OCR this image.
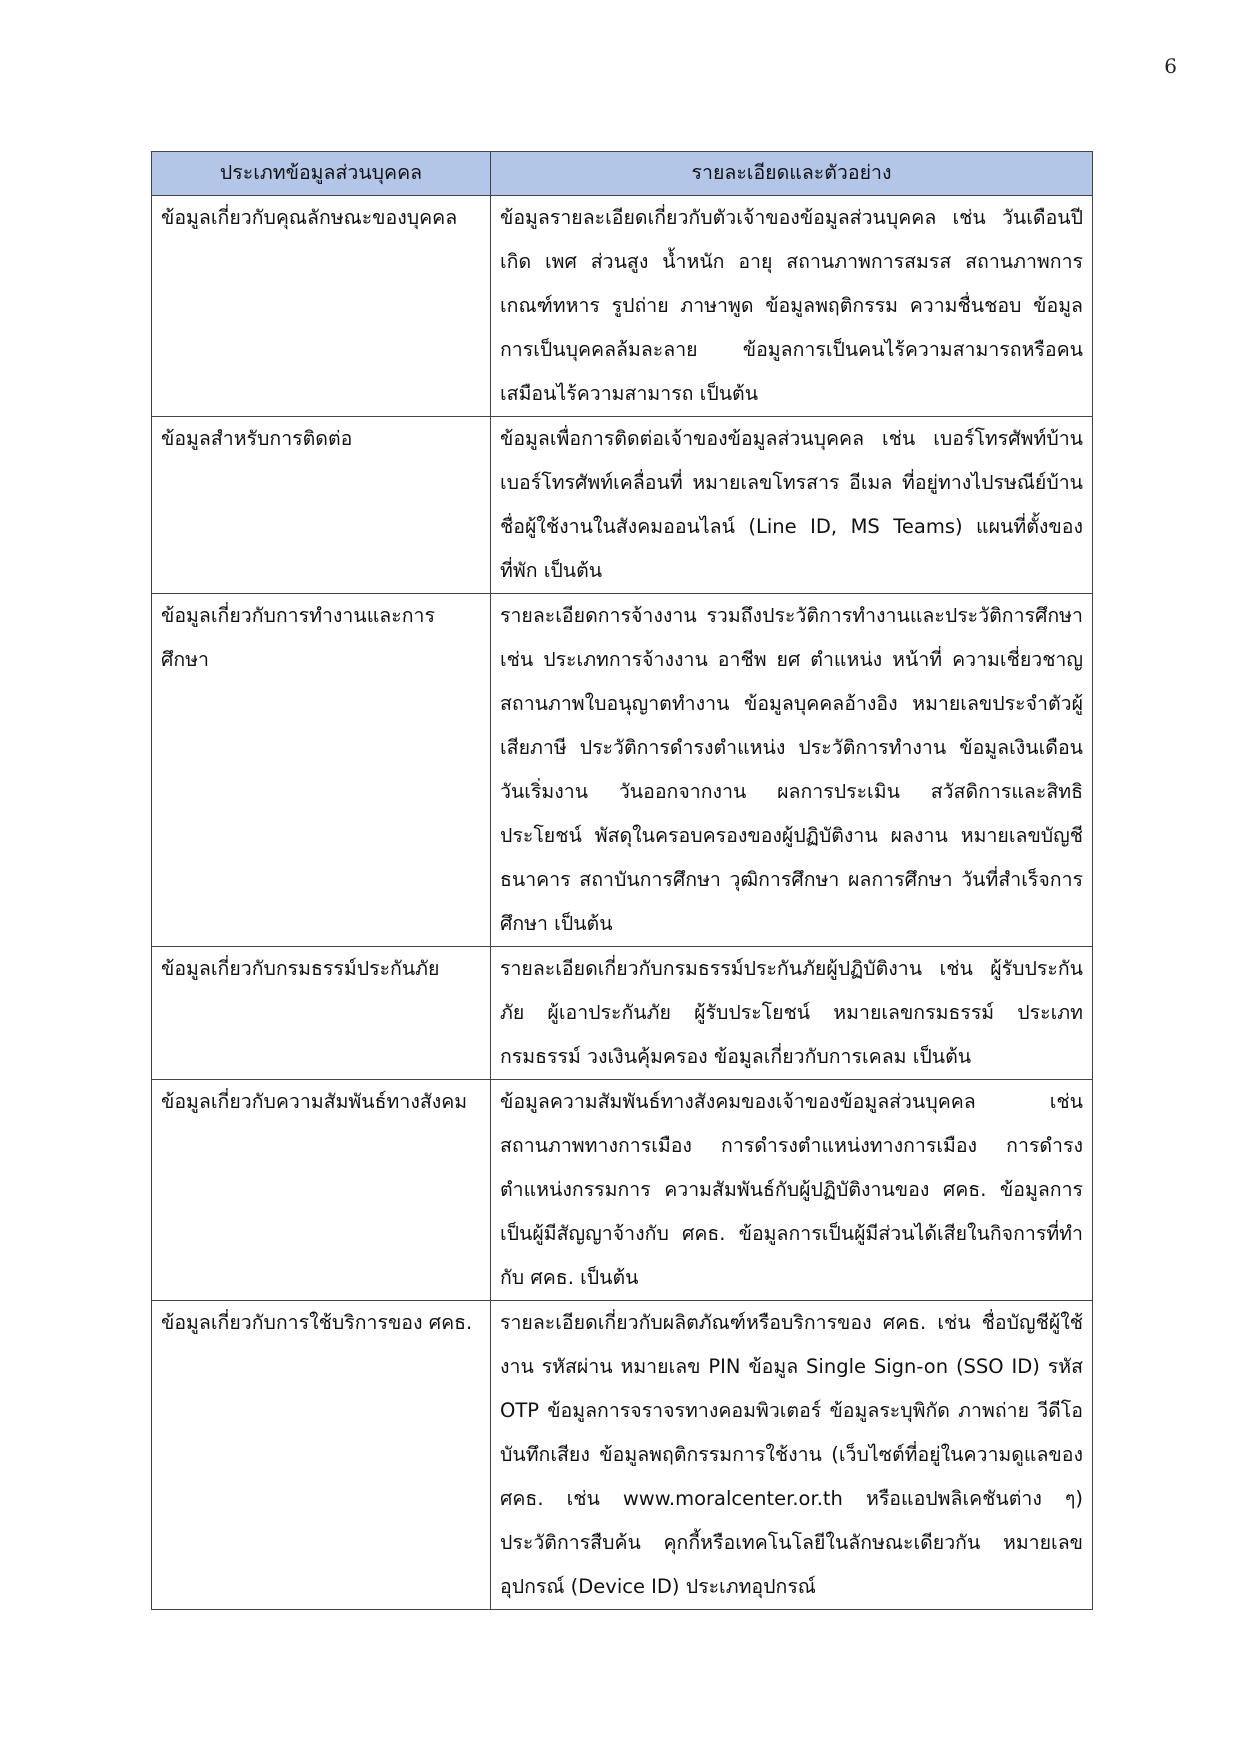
6
ประเภทข้อมูลส่วนบุคคล	รายละเอียดและตัวอย่าง
ข้อมูลเกี่ยวกับคุณลักษณะของบุคคล	ข้อมูลรายละเอียดเกี่ยวกับตัวเจ้าของข้อมูลส่วนบุคคล เช่น วันเดือนปีเกิด เพศ ส่วนสูง น้ำหนัก อายุ สถานภาพการสมรส สถานภาพการเกณฑ์ทหาร รูปถ่าย ภาษาพูด ข้อมูลพฤติกรรม ความชื่นชอบ ข้อมูลการเป็นบุคคลล้มละลาย ข้อมูลการเป็นคนไร้ความสามารถหรือคนเสมือนไร้ความสามารถ เป็นต้น
ข้อมูลสำหรับการติดต่อ	ข้อมูลเพื่อการติดต่อเจ้าของข้อมูลส่วนบุคคล เช่น เบอร์โทรศัพท์บ้าน เบอร์โทรศัพท์เคลื่อนที่ หมายเลขโทรสาร อีเมล ที่อยู่ทางไปรษณีย์บ้าน ชื่อผู้ใช้งานในสังคมออนไลน์ (Line ID, MS Teams) แผนที่ตั้งของที่พัก เป็นต้น
ข้อมูลเกี่ยวกับการทำงานและการศึกษา	รายละเอียดการจ้างงาน รวมถึงประวัติการทำงานและประวัติการศึกษา เช่น ประเภทการจ้างงาน อาชีพ ยศ ตำแหน่ง หน้าที่ ความเชี่ยวชาญ สถานภาพใบอนุญาตทำงาน ข้อมูลบุคคลอ้างอิง หมายเลขประจำตัวผู้เสียภาษี ประวัติการดำรงตำแหน่ง ประวัติการทำงาน ข้อมูลเงินเดือน วันเริ่มงาน วันออกจากงาน ผลการประเมิน สวัสดิการและสิทธิประโยชน์ พัสดุในครอบครองของผู้ปฏิบัติงาน ผลงาน หมายเลขบัญชีธนาคาร สถาบันการศึกษา วุฒิการศึกษา ผลการศึกษา วันที่สำเร็จการศึกษา เป็นต้น
ข้อมูลเกี่ยวกับกรมธรรม์ประกันภัย	รายละเอียดเกี่ยวกับกรมธรรม์ประกันภัยผู้ปฏิบัติงาน เช่น ผู้รับประกันภัย ผู้เอาประกันภัย ผู้รับประโยชน์ หมายเลขกรมธรรม์ ประเภทกรมธรรม์ วงเงินคุ้มครอง ข้อมูลเกี่ยวกับการเคลม เป็นต้น
ข้อมูลเกี่ยวกับความสัมพันธ์ทางสังคม	ข้อมูลความสัมพันธ์ทางสังคมของเจ้าของข้อมูลส่วนบุคคล เช่น สถานภาพทางการเมือง การดำรงตำแหน่งทางการเมือง การดำรงตำแหน่งกรรมการ ความสัมพันธ์กับผู้ปฏิบัติงานของ ศคธ. ข้อมูลการเป็นผู้มีสัญญาจ้างกับ ศคธ. ข้อมูลการเป็นผู้มีส่วนได้เสียในกิจการที่ทำกับ ศคธ. เป็นต้น
ข้อมูลเกี่ยวกับการใช้บริการของ ศคธ.	รายละเอียดเกี่ยวกับผลิตภัณฑ์หรือบริการของ ศคธ. เช่น ชื่อบัญชีผู้ใช้งาน รหัสผ่าน หมายเลข PIN ข้อมูล Single Sign-on (SSO ID) รหัส OTP ข้อมูลการจราจรทางคอมพิวเตอร์ ข้อมูลระบุพิกัด ภาพถ่าย วีดีโอ บันทึกเสียง ข้อมูลพฤติกรรมการใช้งาน (เว็บไซต์ที่อยู่ในความดูแลของ ศคธ. เช่น www.moralcenter.or.th หรือแอปพลิเคชันต่าง ๆ) ประวัติการสืบค้น คุกกี้หรือเทคโนโลยีในลักษณะเดียวกัน หมายเลขอุปกรณ์ (Device ID) ประเภทอุปกรณ์
